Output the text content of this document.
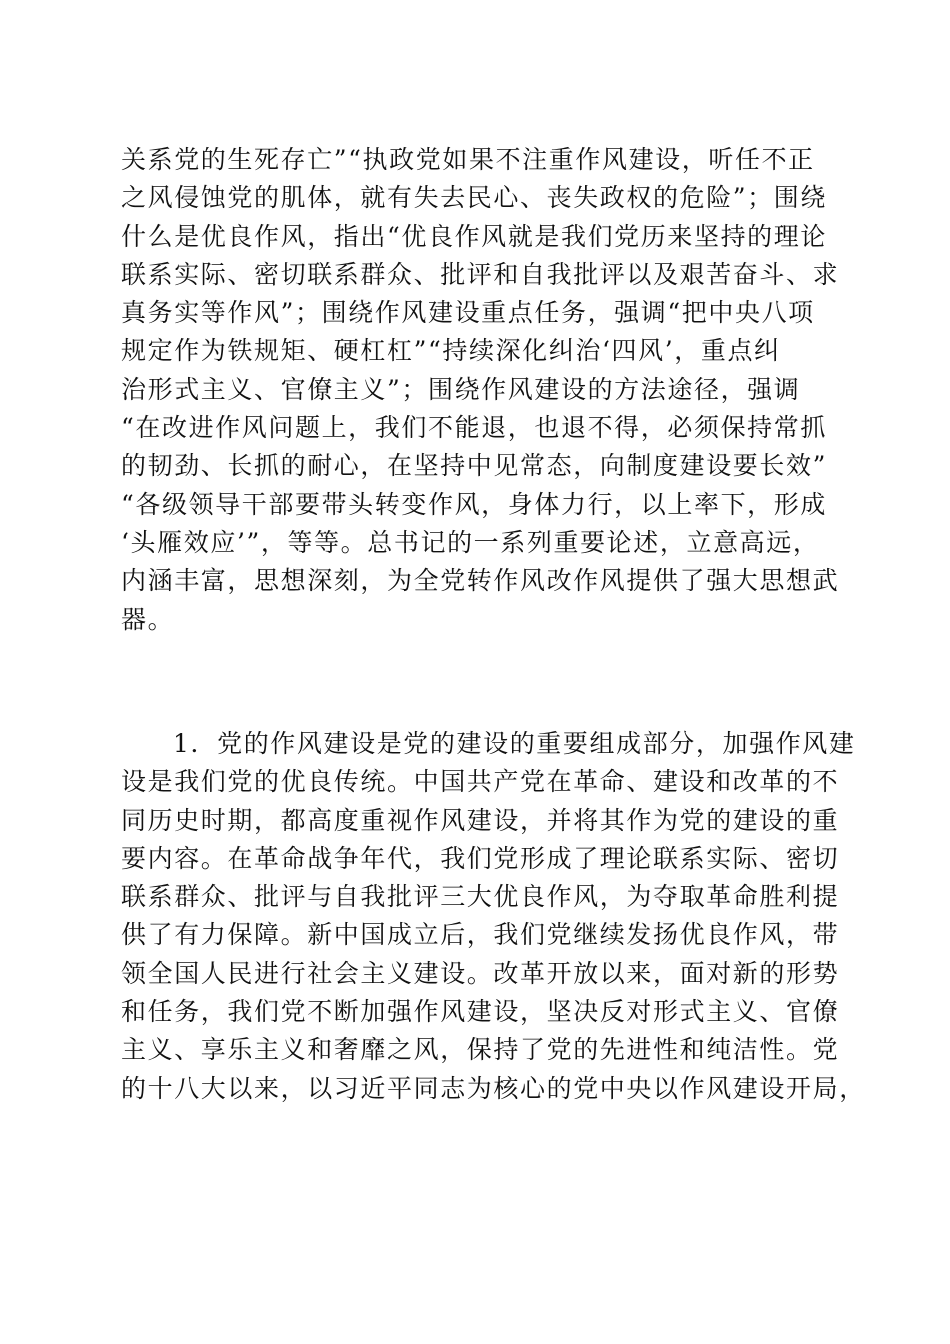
关系党的生死存亡”“执政党如果不注重作风建设，听任不正
之风侵蚀党的肌体，就有失去民心、丧失政权的危险”；围绕
什么是优良作风，指出“优良作风就是我们党历来坚持的理论
联系实际、密切联系群众、批评和自我批评以及艰苦奋斗、求
真务实等作风”；围绕作风建设重点任务，强调“把中央八项
规定作为铁规矩、硬杠杠”“持续深化纠治‘四风’，重点纠
治形式主义、官僚主义”；围绕作风建设的方法途径，强调
“在改进作风问题上，我们不能退，也退不得，必须保持常抓
的韧劲、长抓的耐心，在坚持中见常态，向制度建设要长效”
“各级领导干部要带头转变作风，身体力行，以上率下，形成
‘头雁效应’”，等等。总书记的一系列重要论述，立意高远，
内涵丰富，思想深刻，为全党转作风改作风提供了强大思想武
器。
1．党的作风建设是党的建设的重要组成部分，加强作风建
设是我们党的优良传统。中国共产党在革命、建设和改革的不
同历史时期，都高度重视作风建设，并将其作为党的建设的重
要内容。在革命战争年代，我们党形成了理论联系实际、密切
联系群众、批评与自我批评三大优良作风，为夺取革命胜利提
供了有力保障。新中国成立后，我们党继续发扬优良作风，带
领全国人民进行社会主义建设。改革开放以来，面对新的形势
和任务，我们党不断加强作风建设，坚决反对形式主义、官僚
主义、享乐主义和奢靡之风，保持了党的先进性和纯洁性。党
的十八大以来，以习近平同志为核心的党中央以作风建设开局，
